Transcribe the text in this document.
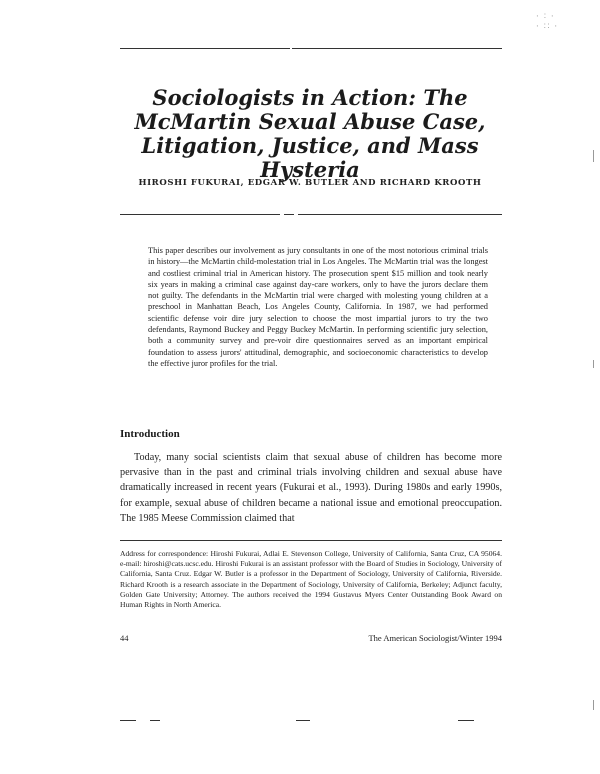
· ∶ ·
· ∷ ·
Sociologists in Action: The McMartin Sexual Abuse Case, Litigation, Justice, and Mass Hysteria
HIROSHI FUKURAI, EDGAR W. BUTLER AND RICHARD KROOTH
This paper describes our involvement as jury consultants in one of the most notorious criminal trials in history—the McMartin child-molestation trial in Los Angeles. The McMartin trial was the longest and costliest criminal trial in American history. The prosecution spent $15 million and took nearly six years in making a criminal case against day-care workers, only to have the jurors declare them not guilty. The defendants in the McMartin trial were charged with molesting young children at a preschool in Manhattan Beach, Los Angeles County, California. In 1987, we had performed scientific defense voir dire jury selection to choose the most impartial jurors to try the two defendants, Raymond Buckey and Peggy Buckey McMartin. In performing scientific jury selection, both a community survey and pre-voir dire questionnaires served as an important empirical foundation to assess jurors' attitudinal, demographic, and socioeconomic characteristics to develop the effective juror profiles for the trial.
Introduction
Today, many social scientists claim that sexual abuse of children has become more pervasive than in the past and criminal trials involving children and sexual abuse have dramatically increased in recent years (Fukurai et al., 1993). During 1980s and early 1990s, for example, sexual abuse of children became a national issue and emotional preoccupation. The 1985 Meese Commission claimed that
Address for correspondence: Hiroshi Fukurai, Adlai E. Stevenson College, University of California, Santa Cruz, CA 95064. e-mail: hiroshi@cats.ucsc.edu. Hiroshi Fukurai is an assistant professor with the Board of Studies in Sociology, University of California, Santa Cruz. Edgar W. Butler is a professor in the Department of Sociology, University of California, Riverside. Richard Krooth is a research associate in the Department of Sociology, University of California, Berkeley; Adjunct faculty, Golden Gate University; Attorney. The authors received the 1994 Gustavus Myers Center Outstanding Book Award on Human Rights in North America.
44	The American Sociologist/Winter 1994
